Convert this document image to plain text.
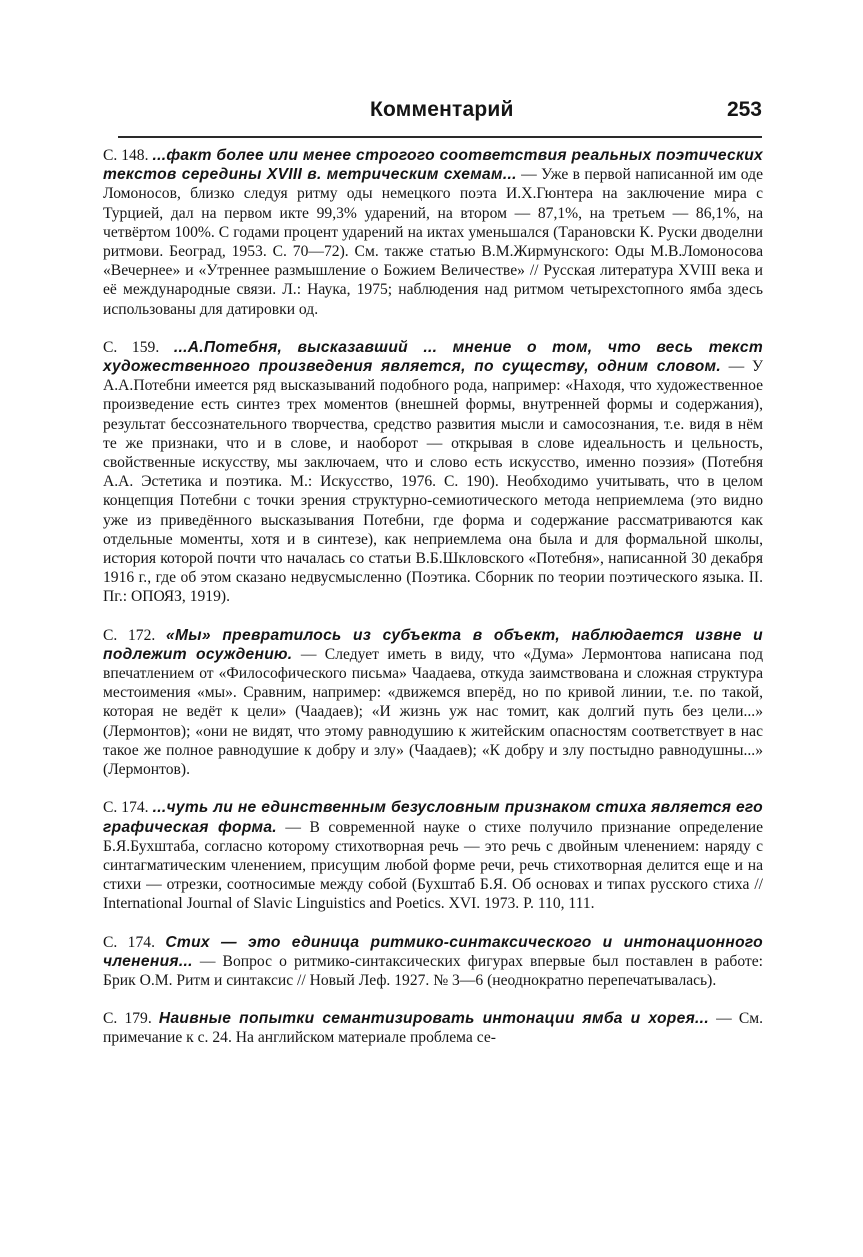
Комментарий	253

С. 148. ...факт более или менее строгого соответствия реальных поэтических текстов середины XVIII в. метрическим схемам... — Уже в первой написанной им оде Ломоносов, близко следуя ритму оды немецкого поэта И.Х.Гюнтера на заключение мира с Турцией, дал на первом икте 99,3% ударений, на втором — 87,1%, на третьем — 86,1%, на четвёртом 100%. С годами процент ударений на иктах уменьшался (Тарановски К. Руски дводелни ритмови. Београд, 1953. С. 70—72). См. также статью В.М.Жирмунского: Оды М.В.Ломоносова «Вечернее» и «Утреннее размышление о Божием Величестве» // Русская литература XVIII века и её международные связи. Л.: Наука, 1975; наблюдения над ритмом четырехстопного ямба здесь использованы для датировки од.

С. 159. ...А.Потебня, высказавший ... мнение о том, что весь текст художественного произведения является, по существу, одним словом. — У А.А.Потебни имеется ряд высказываний подобного рода, например: «Находя, что художественное произведение есть синтез трех моментов (внешней формы, внутренней формы и содержания), результат бессознательного творчества, средство развития мысли и самосознания, т.е. видя в нём те же признаки, что и в слове, и наоборот — открывая в слове идеальность и цельность, свойственные искусству, мы заключаем, что и слово есть искусство, именно поэзия» (Потебня А.А. Эстетика и поэтика. М.: Искусство, 1976. С. 190). Необходимо учитывать, что в целом концепция Потебни с точки зрения структурно-семиотического метода неприемлема (это видно уже из приведённого высказывания Потебни, где форма и содержание рассматриваются как отдельные моменты, хотя и в синтезе), как неприемлема она была и для формальной школы, история которой почти что началась со статьи В.Б.Шкловского «Потебня», написанной 30 декабря 1916 г., где об этом сказано недвусмысленно (Поэтика. Сборник по теории поэтического языка. II. Пг.: ОПОЯЗ, 1919).

С. 172. «Мы» превратилось из субъекта в объект, наблюдается извне и подлежит осуждению. — Следует иметь в виду, что «Дума» Лермонтова написана под впечатлением от «Философического письма» Чаадаева, откуда заимствована и сложная структура местоимения «мы». Сравним, например: «движемся вперёд, но по кривой линии, т.е. по такой, которая не ведёт к цели» (Чаадаев); «И жизнь уж нас томит, как долгий путь без цели...» (Лермонтов); «они не видят, что этому равнодушию к житейским опасностям соответствует в нас такое же полное равнодушие к добру и злу» (Чаадаев); «К добру и злу постыдно равнодушны...» (Лермонтов).

С. 174. ...чуть ли не единственным безусловным признаком стиха является его графическая форма. — В современной науке о стихе получило признание определение Б.Я.Бухштаба, согласно которому стихотворная речь — это речь с двойным членением: наряду с синтагматическим членением, присущим любой форме речи, речь стихотворная делится еще и на стихи — отрезки, соотносимые между собой (Бухштаб Б.Я. Об основах и типах русского стиха // International Journal of Slavic Linguistics and Poetics. XVI. 1973. P. 110, 111.

С. 174. Стих — это единица ритмико-синтаксического и интонационного членения... — Вопрос о ритмико-синтаксических фигурах впервые был поставлен в работе: Брик О.М. Ритм и синтаксис // Новый Леф. 1927. № 3—6 (неоднократно перепечатывалась).

С. 179. Наивные попытки семантизировать интонации ямба и хорея... — См. примечание к с. 24. На английском материале проблема се-
